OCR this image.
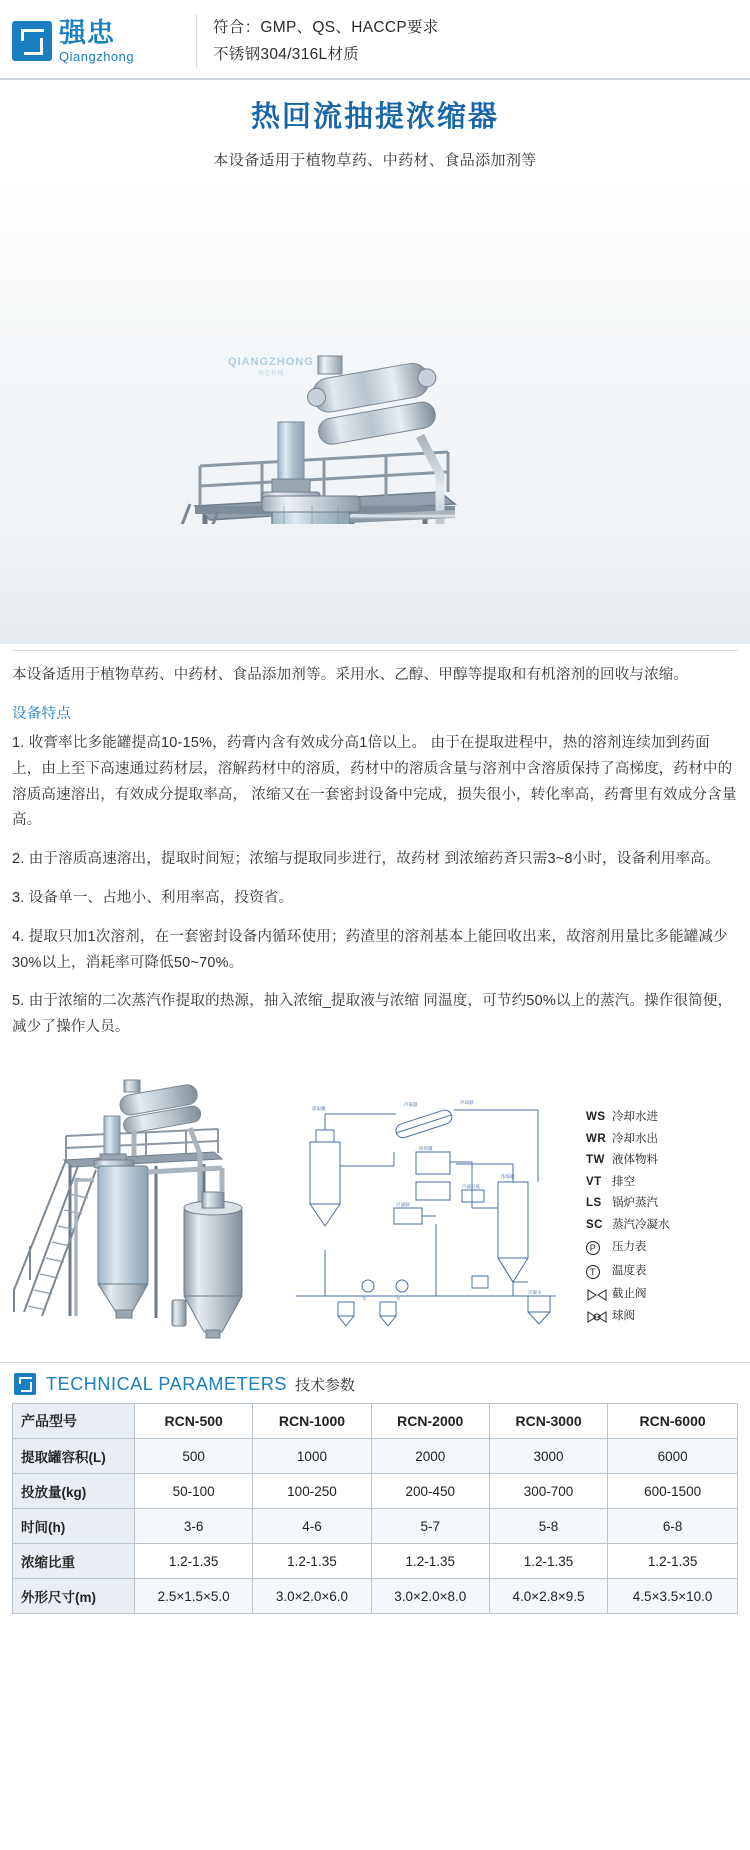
强忠
Qiangzhong
符合：GMP、QS、HACCP要求
不锈钢304/316L材质
热回流抽提浓缩器
本设备适用于植物草药、中药材、食品添加剂等
QIANGZHONG
强忠机械

本设备适用于植物草药、中药材、食品添加剂等。采用水、乙醇、甲醇等提取和有机溶剂的回收与浓缩。

设备特点

1. 收膏率比多能罐提高10-15%，药膏内含有效成分高1倍以上。 由于在提取进程中，热的溶剂连续加到药面上，由上至下高速通过药材层，溶解药材中的溶质，药材中的溶质含量与溶剂中含溶质保持了高梯度，药材中的溶质高速溶出，有效成分提取率高， 浓缩又在一套密封设备中完成，损失很小，转化率高，药膏里有效成分含量高。

2. 由于溶质高速溶出，提取时间短；浓缩与提取同步进行，故药材 到浓缩药斉只需3~8小时，设备利用率高。

3. 设备单一、占地小、利用率高，投资省。

4. 提取只加1次溶剂，在一套密封设备内循环使用；药渣里的溶剂基本上能回收出来，故溶剂用量比多能罐减少30%以上，消耗率可降低50~70%。

5. 由于浓缩的二次蒸汽作提取的热源，抽入浓缩_提取液与浓缩 同温度，可节约50%以上的蒸汽。操作很简便，减少了操作人员。

提取罐
冷凝器	冷却器
接收罐
浓缩罐
过滤器
汽液分离
冷凝水
泵	泵
WS 冷却水进
WR 冷却水出
TW 液体物料
VT 排空
LS 锅炉蒸汽
SC 蒸汽冷凝水
P	压力表
T	温度表
截止阀
球阀
TECHNICAL PARAMETERS 技术参数
产品型号	RCN-500	RCN-1000	RCN-2000	RCN-3000	RCN-6000
提取罐容积(L)	500	1000	2000	3000	6000
投放量(kg)	50-100	100-250	200-450	300-700	600-1500
时间(h)	3-6	4-6	5-7	5-8	6-8
浓缩比重	1.2-1.35	1.2-1.35	1.2-1.35	1.2-1.35	1.2-1.35
外形尺寸(m)	2.5×1.5×5.0	3.0×2.0×6.0	3.0×2.0×8.0	4.0×2.8×9.5	4.5×3.5×10.0
